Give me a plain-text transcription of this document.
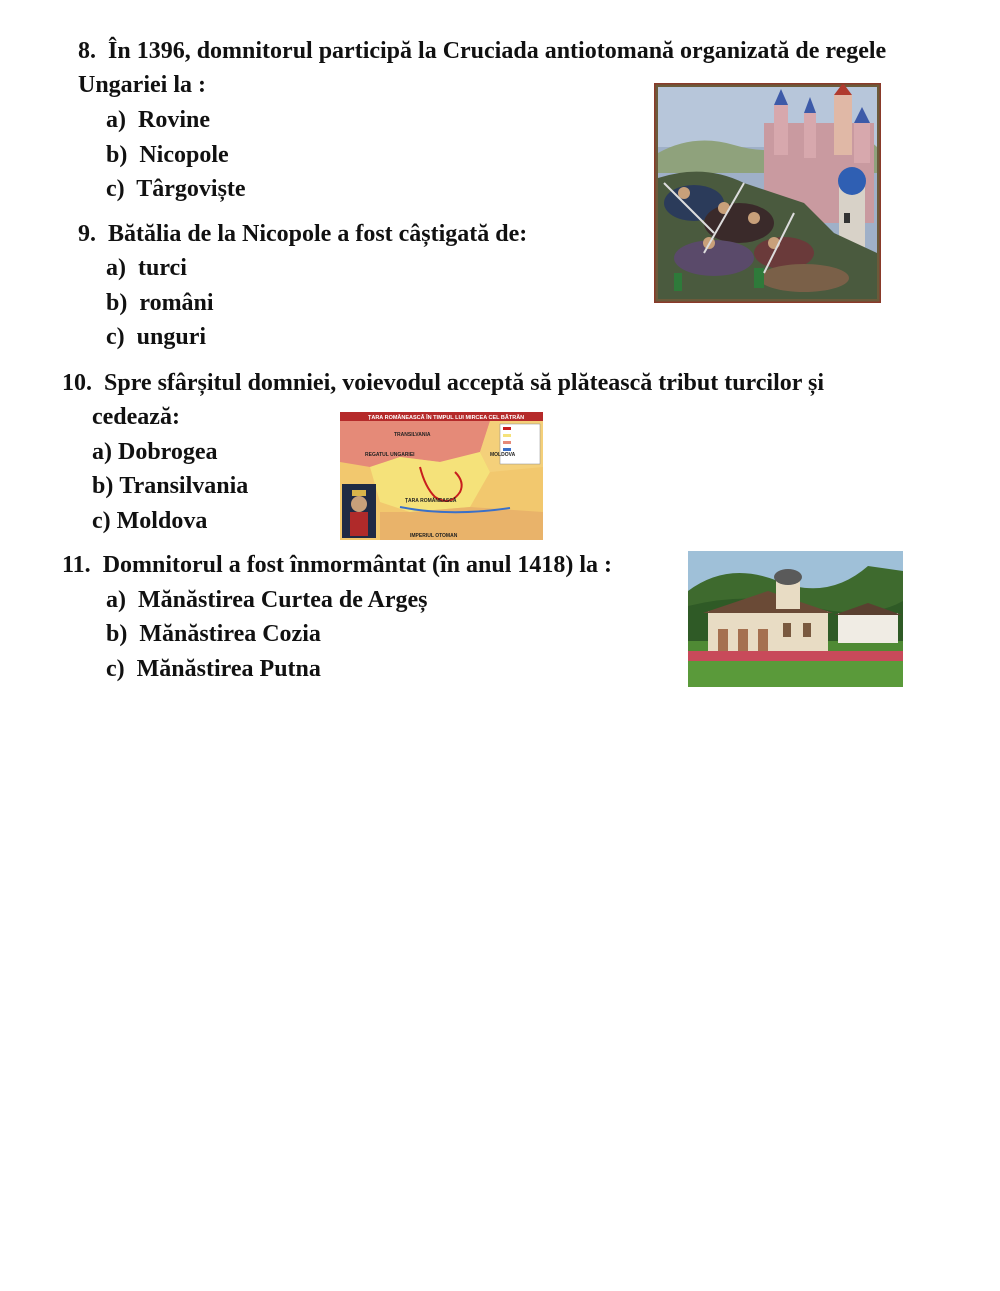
8. În 1396, domnitorul participă la Cruciada antiotomană organizată de regele
Ungariei la :
a) Rovine
b) Nicopole
c) Târgoviște
9. Bătălia de la Nicopole a fost câștigată de:
a) turci
b) români
c) unguri
10. Spre sfârșitul domniei, voievodul acceptă să plătească tribut turcilor și
cedează:
a) Dobrogea
b) Transilvania
c) Moldova
11. Domnitorul a fost înmormântat (în anul 1418) la :
a) Mănăstirea Curtea de Argeș
b) Mănăstirea Cozia
c) Mănăstirea Putna
ȚARA ROMÂNEASCĂ ÎN TIMPUL LUI MIRCEA CEL BĂTRÂN
TRANSILVANIA
REGATUL UNGARIEI	MOLDOVA
ȚARA ROMÂNEASCĂ
IMPERIUL OTOMAN
